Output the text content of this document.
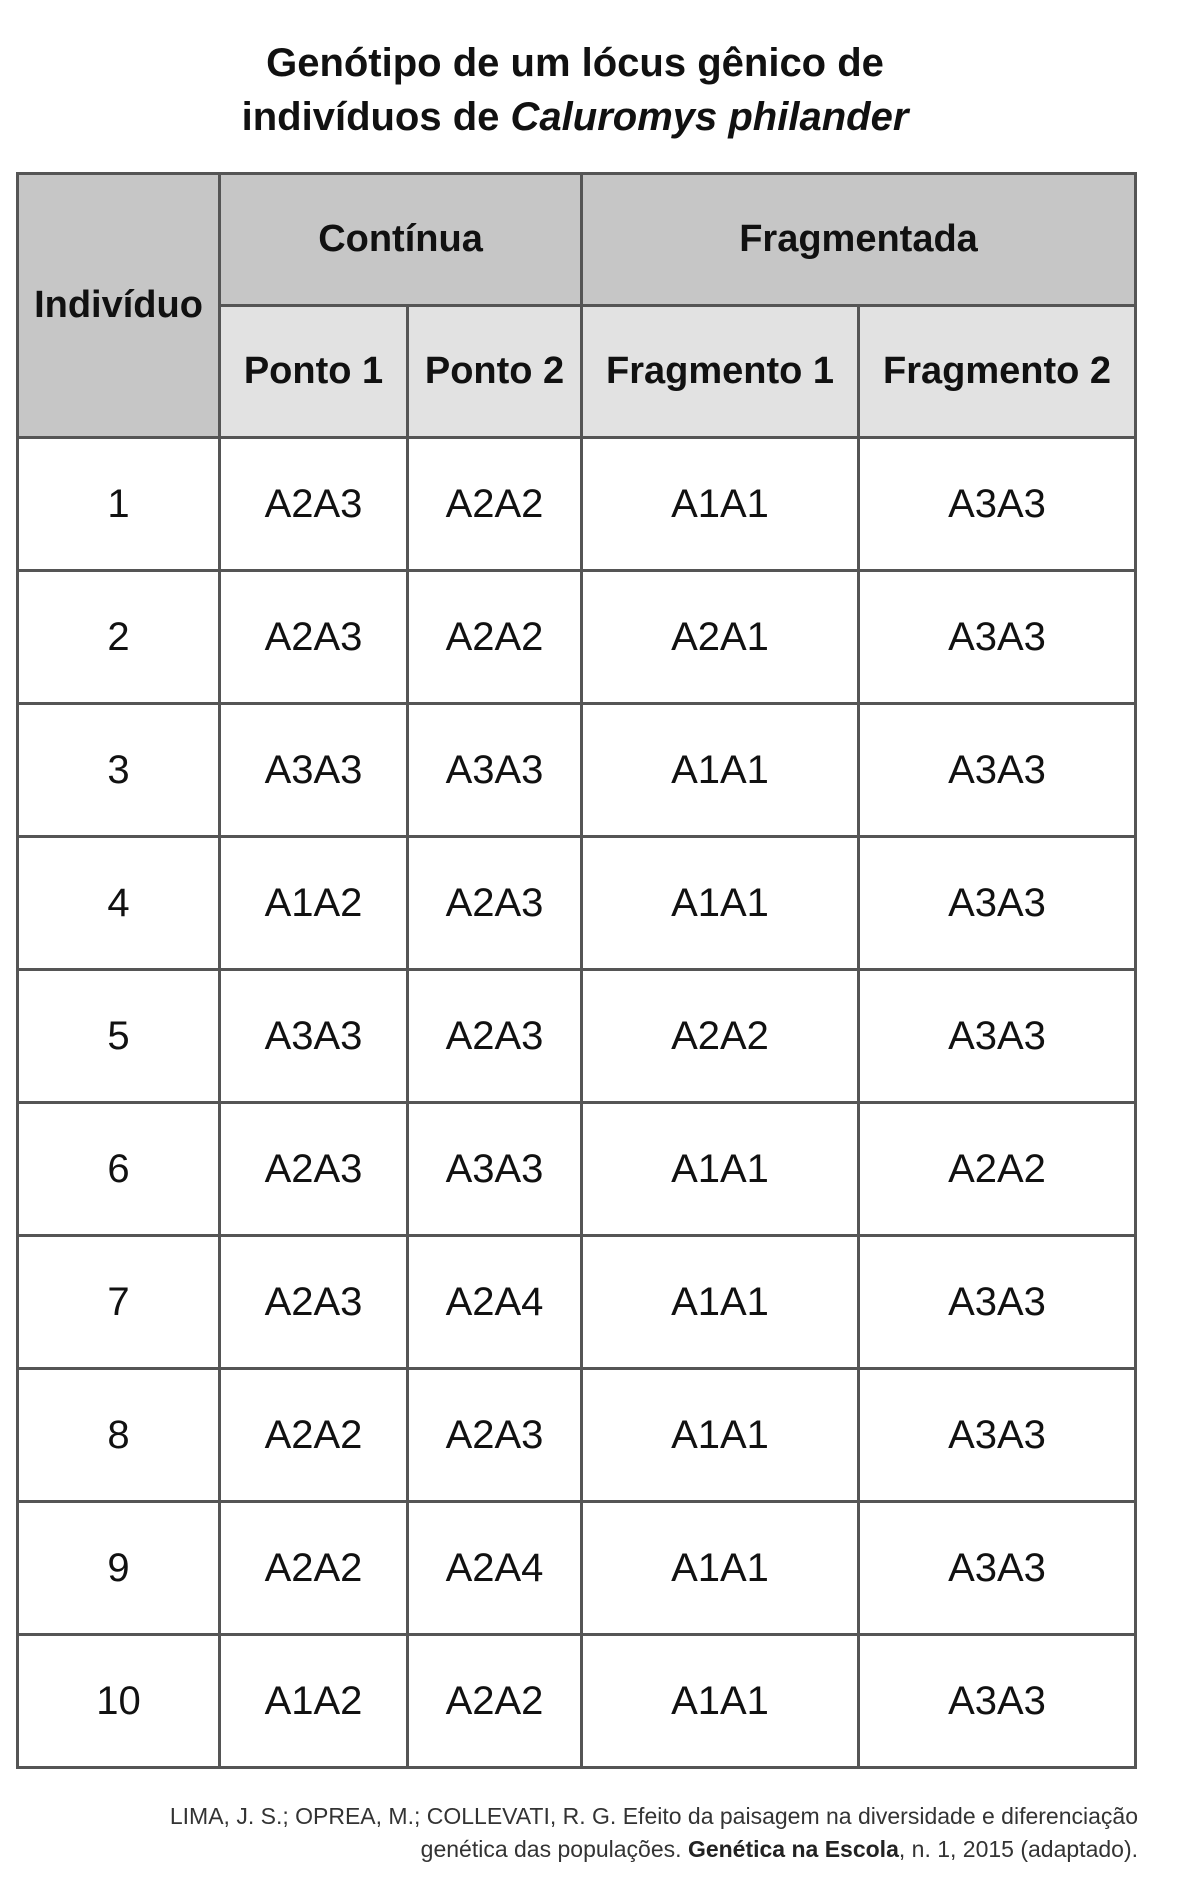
Genótipo de um lócus gênico de
indivíduos de Caluromys philander
Indivíduo	Contínua		Fragmentada	
	Ponto 1	Ponto 2	Fragmento 1	Fragmento 2
1	A2A3	A2A2	A1A1	A3A3
2	A2A3	A2A2	A2A1	A3A3
3	A3A3	A3A3	A1A1	A3A3
4	A1A2	A2A3	A1A1	A3A3
5	A3A3	A2A3	A2A2	A3A3
6	A2A3	A3A3	A1A1	A2A2
7	A2A3	A2A4	A1A1	A3A3
8	A2A2	A2A3	A1A1	A3A3
9	A2A2	A2A4	A1A1	A3A3
10	A1A2	A2A2	A1A1	A3A3
LIMA, J. S.; OPREA, M.; COLLEVATI, R. G. Efeito da paisagem na diversidade e diferenciação
genética das populações. Genética na Escola, n. 1, 2015 (adaptado).
